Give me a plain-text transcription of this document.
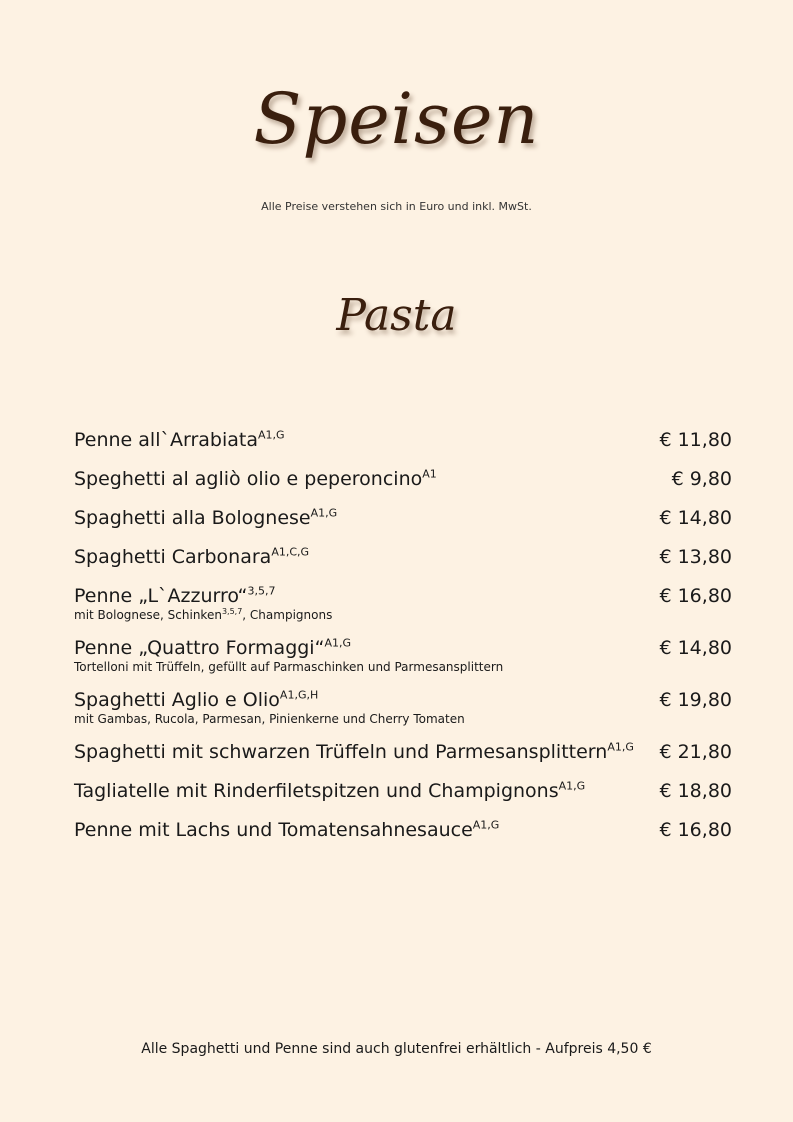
Speisen
Alle Preise verstehen sich in Euro und inkl. MwSt.
Pasta
Penne all`Arrabiata$^{A1,G}$	€ 11,80
Speghetti al agliò olio e peperoncino$^{A1}$	€ 9,80
Spaghetti alla Bolognese$^{A1,G}$	€ 14,80
Spaghetti Carbonara$^{A1,C,G}$	€ 13,80
Penne „L`Azzurro“$^{3,5,7}$	€ 16,80
mit Bolognese, Schinken$^{3,5,7}$, Champignons
Penne „Quattro Formaggi“$^{A1,G}$	€ 14,80
Tortelloni mit Trüffeln, gefüllt auf Parmaschinken und Parmesansplittern
Spaghetti Aglio e Olio$^{A1,G,H}$	€ 19,80
mit Gambas, Rucola, Parmesan, Pinienkerne und Cherry Tomaten
Spaghetti mit schwarzen Trüffeln und Parmesansplittern$^{A1,G}$	€ 21,80
Tagliatelle mit Rinderfiletspitzen und Champignons$^{A1,G}$	€ 18,80
Penne mit Lachs und Tomatensahnesauce$^{A1,G}$	€ 16,80
Alle Spaghetti und Penne sind auch glutenfrei erhältlich - Aufpreis 4,50 €
